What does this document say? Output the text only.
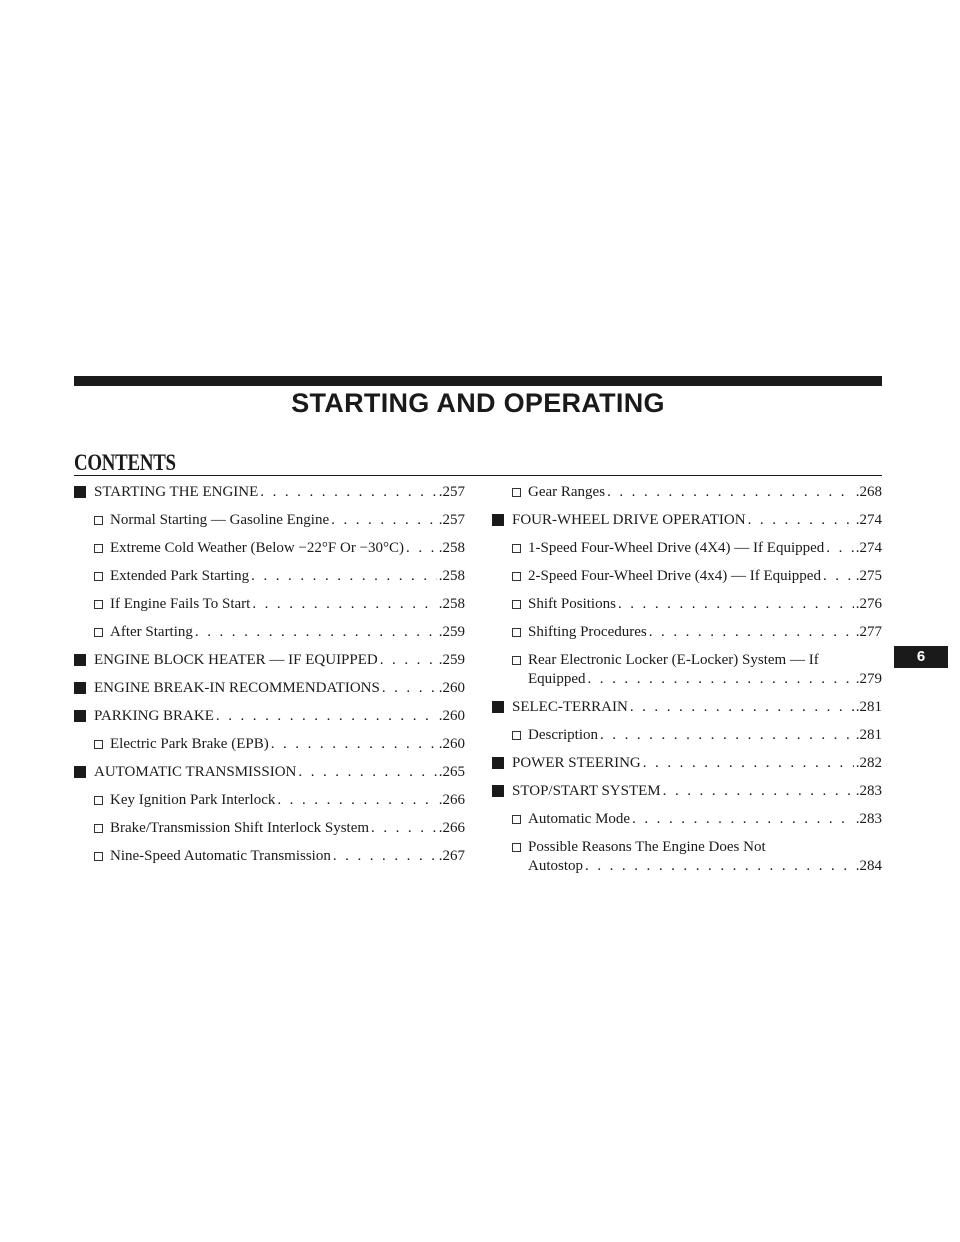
STARTING AND OPERATING
CONTENTS
STARTING THE ENGINE . . .	.257
Normal Starting — Gasoline Engine . . .	.257
Extreme Cold Weather (Below −22°F Or −30°C) . . . .258
Extended Park Starting . . .	.258
If Engine Fails To Start . . .	.258
After Starting . . .	.259
ENGINE BLOCK HEATER — IF EQUIPPED . . .	.259
ENGINE BREAK-IN RECOMMENDATIONS . . .	.260
PARKING BRAKE . . .	.260
Electric Park Brake (EPB) . . .	.260
AUTOMATIC TRANSMISSION . . .	.265
Key Ignition Park Interlock . . .	.266
Brake/Transmission Shift Interlock System . . .	.266
Nine-Speed Automatic Transmission . . .	.267
Gear Ranges . . .	.268
FOUR-WHEEL DRIVE OPERATION . . .	.274
1-Speed Four-Wheel Drive (4X4) — If Equipped . . . .274
2-Speed Four-Wheel Drive (4x4) — If Equipped . . . .275
Shift Positions . . .	.276
Shifting Procedures . . .	.277
Rear Electronic Locker (E-Locker) System — If
Equipped . . .	.279
SELEC-TERRAIN . . .	.281
Description . . .	.281
POWER STEERING . . .	.282
STOP/START SYSTEM . . .	.283
Automatic Mode . . .	.283
Possible Reasons The Engine Does Not
Autostop . . .	.284
6
